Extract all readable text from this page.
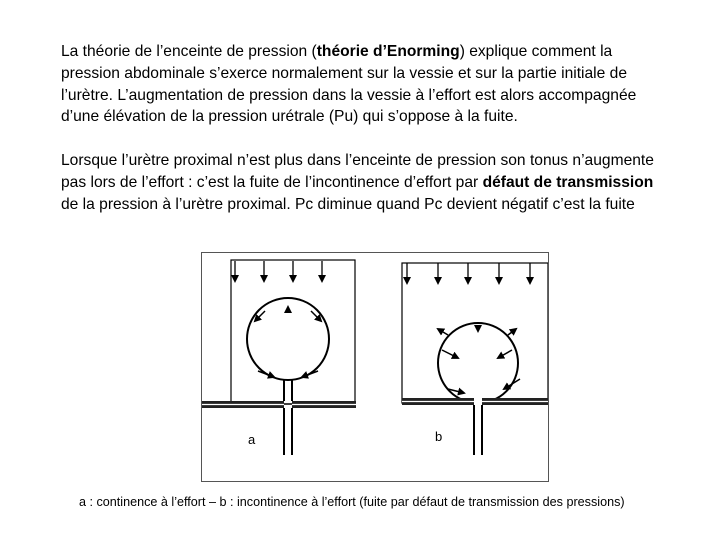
La théorie de l’enceinte de pression (théorie d’Enorming) explique comment la pression abdominale s’exerce normalement sur la vessie et sur la partie initiale de l’urètre. L’augmentation de pression dans la vessie à l’effort est alors accompagnée d’une élévation de la pression urétrale (Pu) qui s’oppose à la fuite.

Lorsque l’urètre proximal n’est plus dans l’enceinte de pression son tonus n’augmente pas lors de l’effort : c’est la fuite de l’incontinence d’effort par défaut de transmission de la pression à l’urètre proximal. Pc diminue quand Pc devient négatif c’est la fuite

a	b
a : continence à l’effort – b : incontinence à l’effort (fuite par défaut de transmission des pressions)
